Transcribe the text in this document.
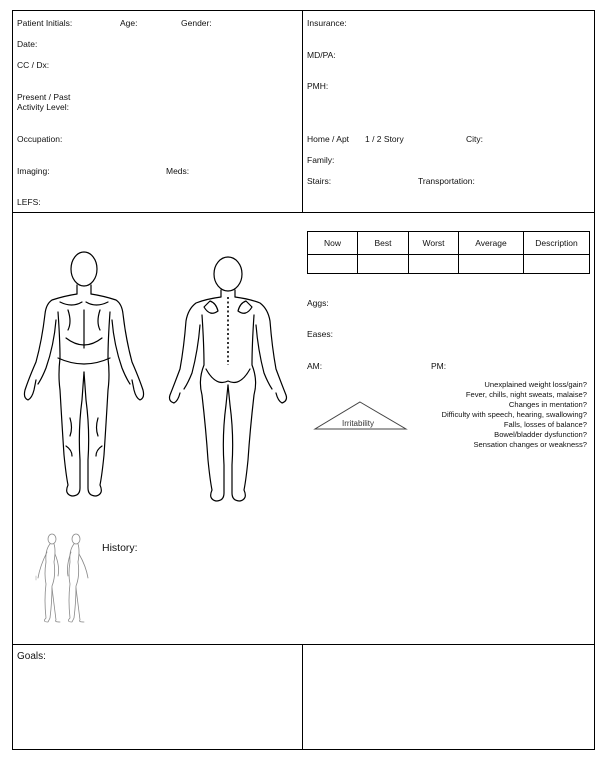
Patient Initials:	Age:	Gender:
Date:
CC / Dx:
Present / Past Activity Level:
Occupation:
Imaging:	Meds:
LEFS:
Insurance:
MD/PA:
PMH:
Home / Apt 1 / 2 Story	City:
Family:
Stairs:	Transportation:
Now	Best	Worst	Average	Description

Aggs:
Eases:
AM:	PM:
Irritability
Unexplained weight loss/gain?
Fever, chills, night sweats, malaise?
Changes in mentation?
Difficulty with speech, hearing, swallowing?
Falls, losses of balance?
Bowel/bladder dysfunction?
Sensation changes or weakness?
History:
Goals:
